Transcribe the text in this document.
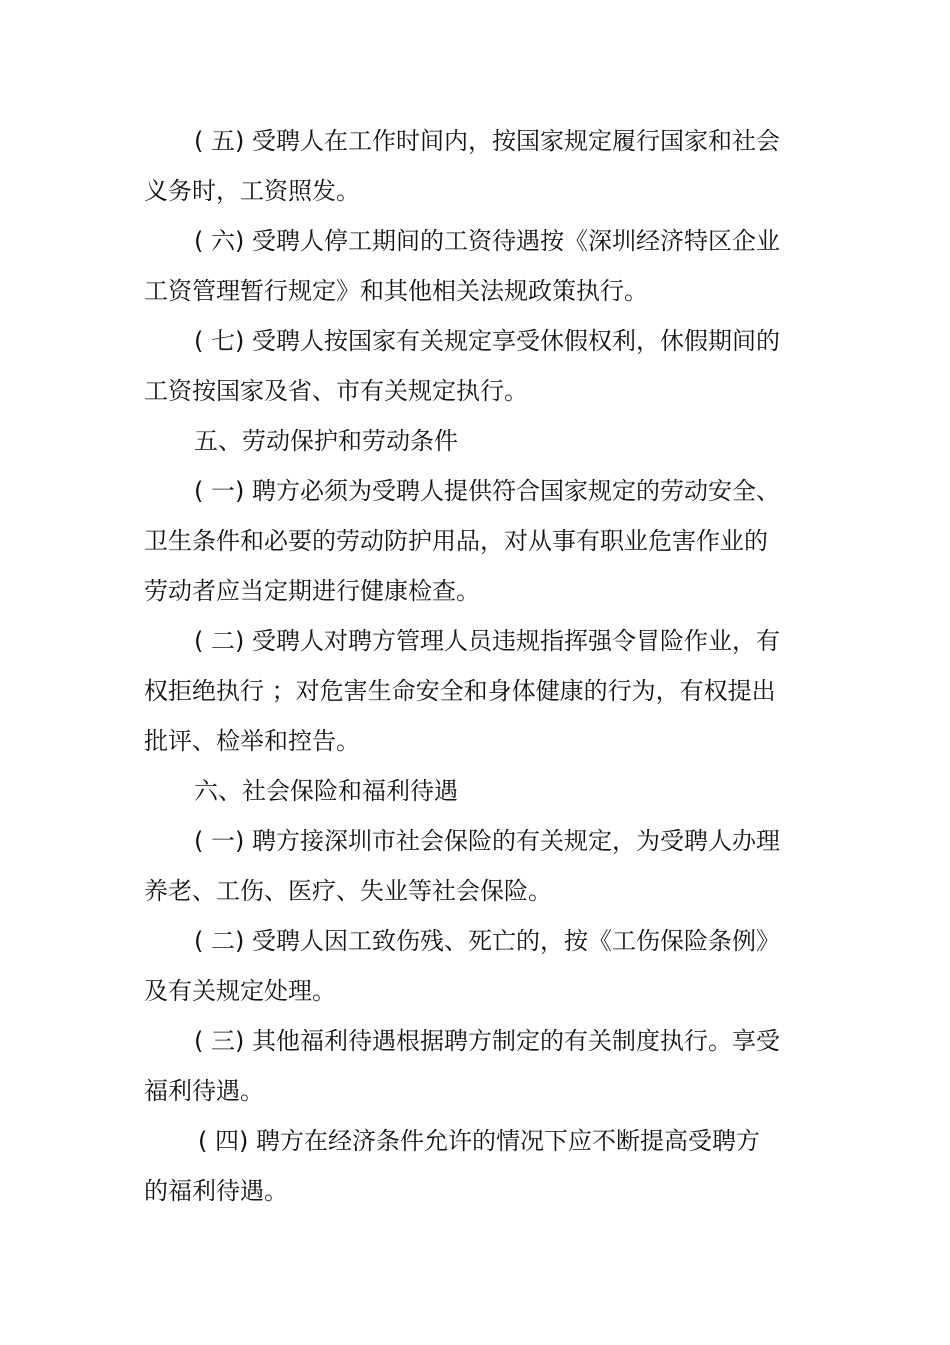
( 五) 受聘人在工作时间内，按国家规定履行国家和社会
义务时，工资照发。
( 六) 受聘人停工期间的工资待遇按《深圳经济特区企业
工资管理暂行规定》和其他相关法规政策执行。
( 七) 受聘人按国家有关规定享受休假权利，休假期间的
工资按国家及省、市有关规定执行。
五、劳动保护和劳动条件
( 一) 聘方必须为受聘人提供符合国家规定的劳动安全、
卫生条件和必要的劳动防护用品，对从事有职业危害作业的
劳动者应当定期进行健康检查。
( 二) 受聘人对聘方管理人员违规指挥强令冒险作业，有
权拒绝执行 ；对危害生命安全和身体健康的行为，有权提出
批评、检举和控告。
六、社会保险和福利待遇
( 一) 聘方接深圳市社会保险的有关规定，为受聘人办理
养老、工伤、医疗、失业等社会保险。
( 二) 受聘人因工致伤残、死亡的，按《工伤保险条例》
及有关规定处理。
( 三) 其他福利待遇根据聘方制定的有关制度执行。享受
福利待遇。
( 四) 聘方在经济条件允许的情况下应不断提高受聘方
的福利待遇。
